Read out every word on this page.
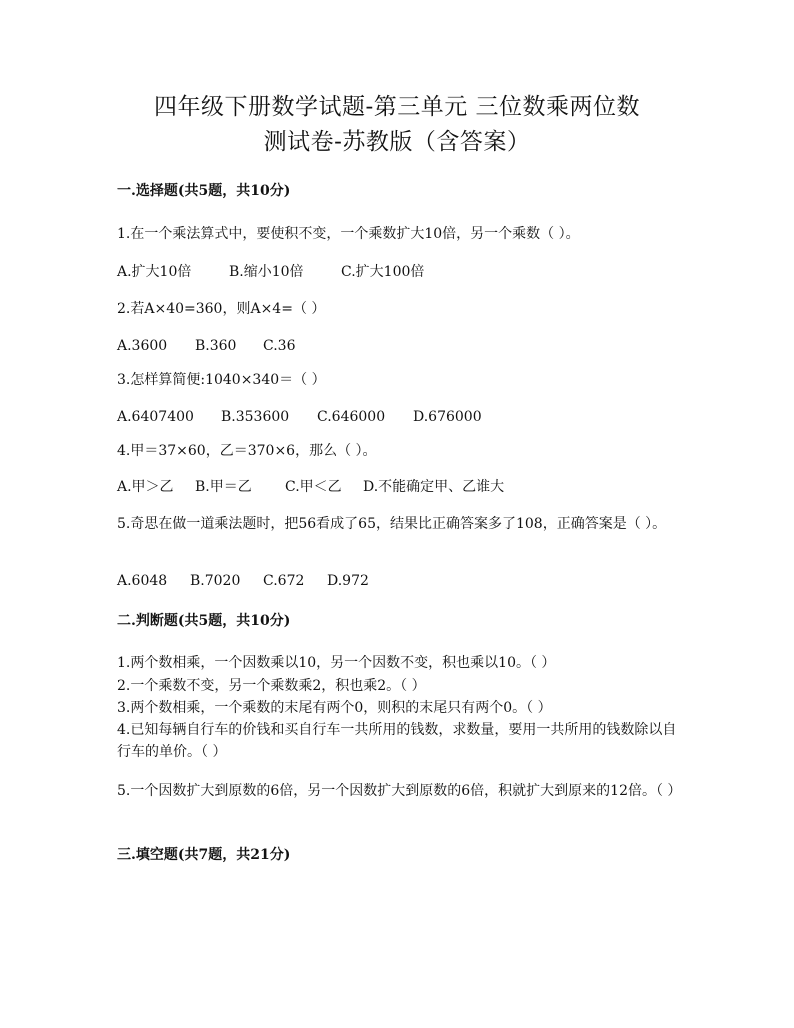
四年级下册数学试题-第三单元 三位数乘两位数
测试卷-苏教版（含答案）
一.选择题(共5题，共10分)
1.在一个乘法算式中，要使积不变，一个乘数扩大10倍，另一个乘数（ ）。
A.扩大10倍	B.缩小10倍	C.扩大100倍
2.若A×40=360，则A×4=（ ）
A.3600 B.360 C.36
3.怎样算简便:1040×340＝（ ）
A.6407400 B.353600 C.646000 D.676000
4.甲＝37×60，乙＝370×6，那么（ ）。
A.甲＞乙 B.甲＝乙 C.甲＜乙 D.不能确定甲、乙谁大
5.奇思在做一道乘法题时，把56看成了65，结果比正确答案多了108，正确答案是（ ）。
A.6048 B.7020 C.672 D.972
二.判断题(共5题，共10分)
1.两个数相乘，一个因数乘以10，另一个因数不变，积也乘以10。（ ）
2.一个乘数不变，另一个乘数乘2，积也乘2。（ ）
3.两个数相乘，一个乘数的末尾有两个0，则积的末尾只有两个0。（ ）
4.已知每辆自行车的价钱和买自行车一共所用的钱数，求数量，要用一共所用的钱数除以自行车的单价。（ ）
5.一个因数扩大到原数的6倍，另一个因数扩大到原数的6倍，积就扩大到原来的12倍。（ ）
三.填空题(共7题，共21分)
